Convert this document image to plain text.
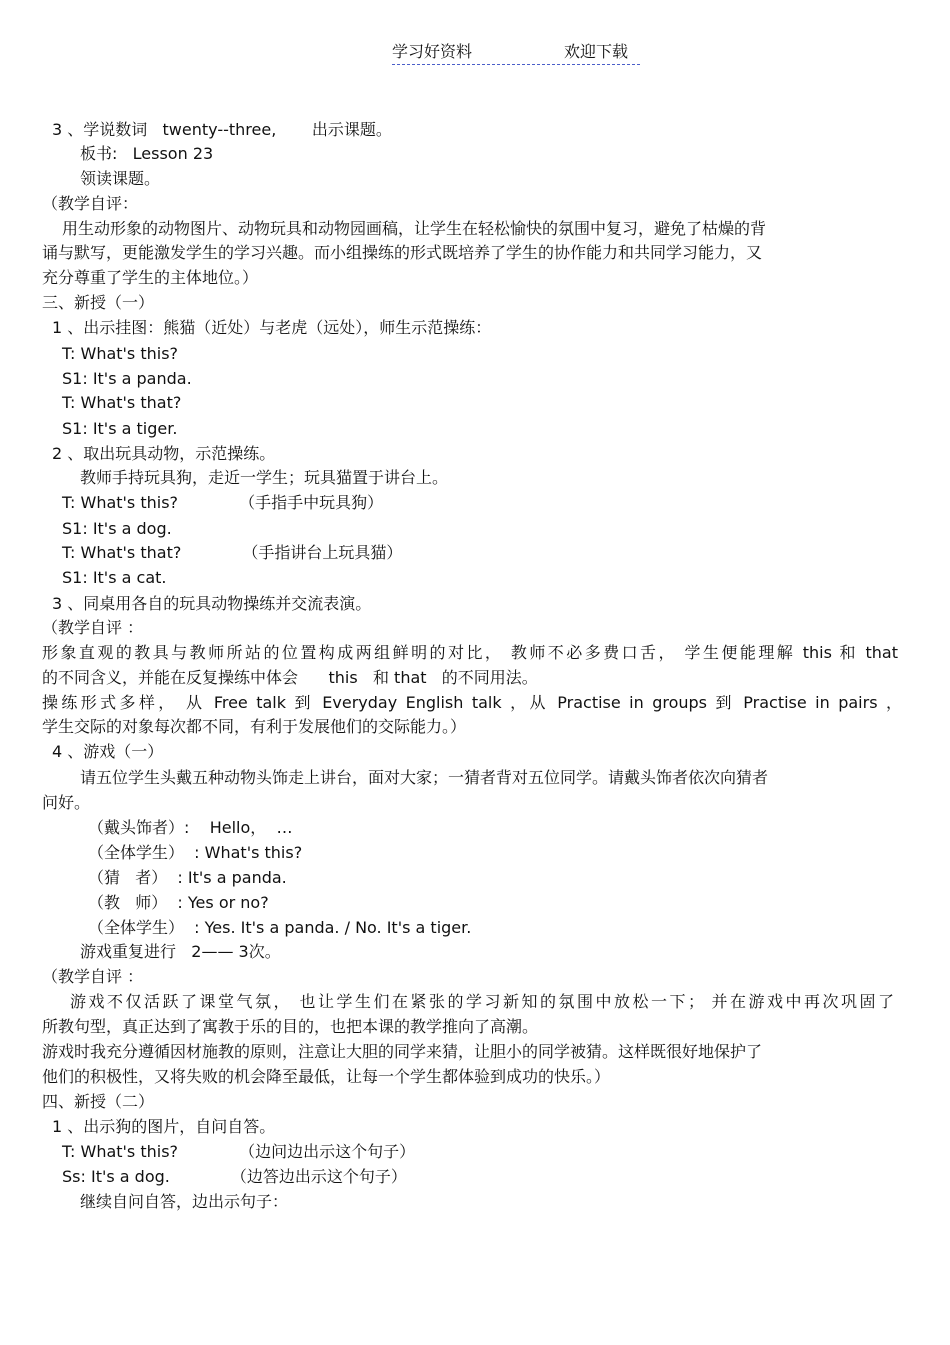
学习好资料	欢迎下载
3 、学说数词   twenty--three,       出示课题。
板书:   Lesson 23
领读课题。
（教学自评：
用生动形象的动物图片、动物玩具和动物园画稿，让学生在轻松愉快的氛围中复习，避免了枯燥的背
诵与默写，更能激发学生的学习兴趣。而小组操练的形式既培养了学生的协作能力和共同学习能力，又
充分尊重了学生的主体地位。）
三、新授（一）
1 、出示挂图：熊猫（近处）与老虎（远处），师生示范操练：
T: What's this?
S1: It's a panda.
T: What's that?
S1: It's a tiger.
2 、取出玩具动物，示范操练。
教师手持玩具狗，走近一学生；玩具猫置于讲台上。
T: What's this?            （手指手中玩具狗）
S1: It's a dog.
T: What's that?            （手指讲台上玩具猫）
S1: It's a cat.
3 、同桌用各自的玩具动物操练并交流表演。
（教学自评 ：
形象直观的教具与教师所站的位置构成两组鲜明的对比， 教师不必多费口舌， 学生便能理解 this 和 that
的不同含义，并能在反复操练中体会      this   和 that   的不同用法。
操练形式多样， 从 Free talk 到 Everyday English talk ，从 Practise in groups 到 Practise in pairs ，
学生交际的对象每次都不同，有利于发展他们的交际能力。）
4 、游戏（一）
请五位学生头戴五种动物头饰走上讲台，面对大家；一猜者背对五位同学。请戴头饰者依次向猜者
问好。
（戴头饰者）:    Hello，  …
（全体学生）  : What's this?
（猜   者）  : It's a panda.
（教   师）  : Yes or no?
（全体学生）  : Yes. It's a panda. / No. It's a tiger.
游戏重复进行   2—— 3次。
（教学自评 ：
游戏不仅活跃了课堂气氛， 也让学生们在紧张的学习新知的氛围中放松一下； 并在游戏中再次巩固了
所教句型，真正达到了寓教于乐的目的，也把本课的教学推向了高潮。
游戏时我充分遵循因材施教的原则，注意让大胆的同学来猜，让胆小的同学被猜。这样既很好地保护了
他们的积极性，又将失败的机会降至最低，让每一个学生都体验到成功的快乐。）
四、新授（二）
1 、出示狗的图片，自问自答。
T: What's this?            （边问边出示这个句子）
Ss: It's a dog.            （边答边出示这个句子）
继续自问自答，边出示句子：
